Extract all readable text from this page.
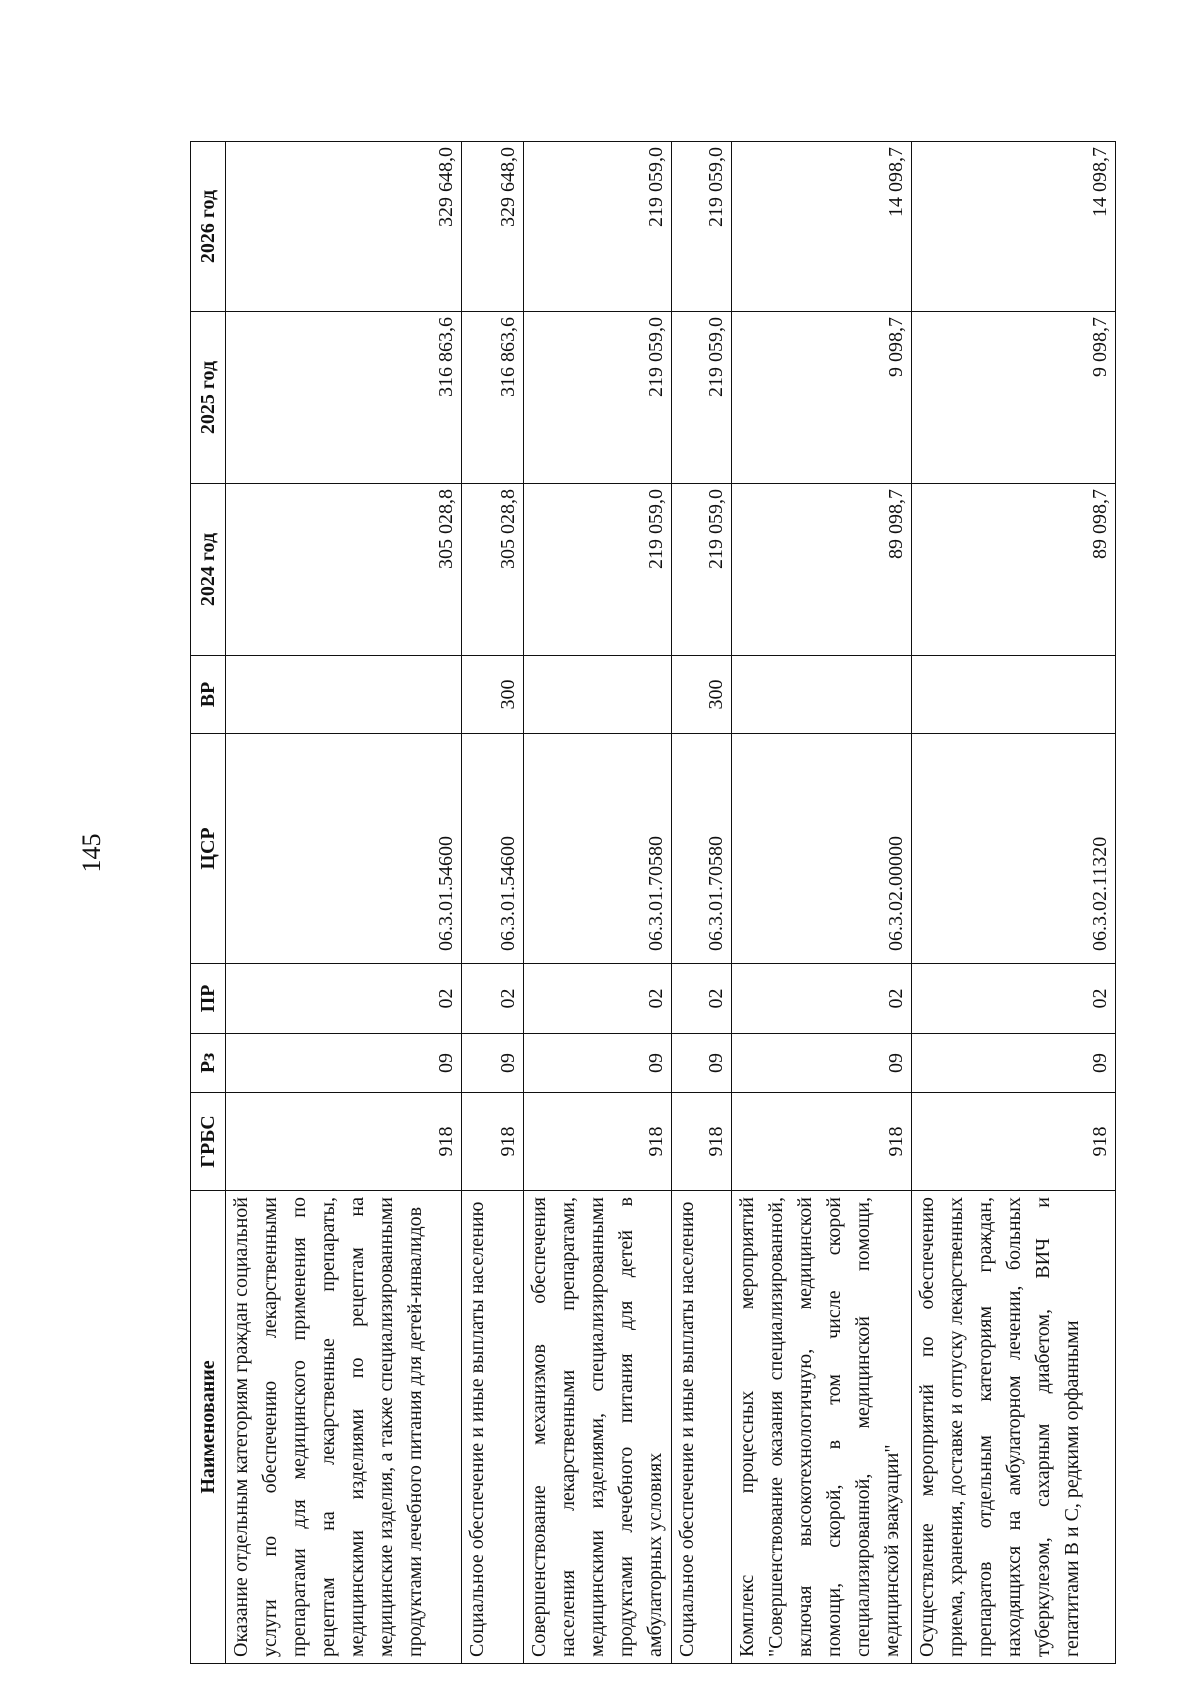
145
Наименование	ГРБС	Рз	ПР	ЦСР	ВР	2024 год	2025 год	2026 год
Оказание отдельным категориям граждан социальной услуги по обеспечению лекарственными препаратами для медицинского применения по рецептам на лекарственные препараты, медицинскими изделиями по рецептам на медицинские изделия, а также специализированными продуктами лечебного питания для детей-инвалидов	918	09	02	06.3.01.54600		305 028,8	316 863,6	329 648,0
Социальное обеспечение и иные выплаты населению	918	09	02	06.3.01.54600	300	305 028,8	316 863,6	329 648,0
Совершенствование механизмов обеспечения населения лекарственными препаратами, медицинскими изделиями, специализированными продуктами лечебного питания для детей в амбулаторных условиях	918	09	02	06.3.01.70580		219 059,0	219 059,0	219 059,0
Социальное обеспечение и иные выплаты населению	918	09	02	06.3.01.70580	300	219 059,0	219 059,0	219 059,0
Комплекс процессных мероприятий "Совершенствование оказания специализированной, включая высокотехнологичную, медицинской помощи, скорой, в том числе скорой специализированной, медицинской помощи, медицинской эвакуации"	918	09	02	06.3.02.00000		89 098,7	9 098,7	14 098,7
Осуществление мероприятий по обеспечению приема, хранения, доставке и отпуску лекарственных препаратов отдельным категориям граждан, находящихся на амбулаторном лечении, больных туберкулезом, сахарным диабетом, ВИЧ и гепатитами В и С, редкими орфанными	918	09	02	06.3.02.11320		89 098,7	9 098,7	14 098,7
